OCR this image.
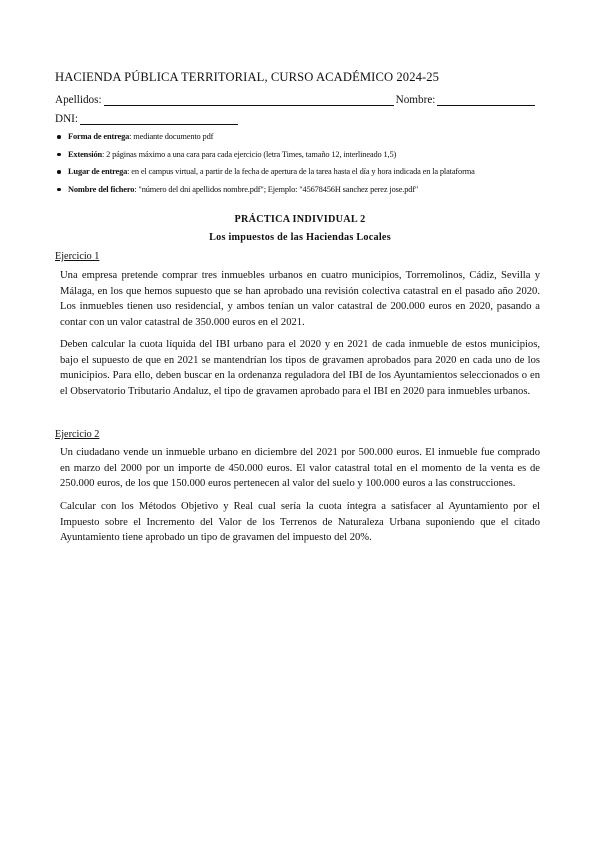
HACIENDA PÚBLICA TERRITORIAL, CURSO ACADÉMICO 2024-25
Apellidos:	Nombre:
DNI:
Forma de entrega: mediante documento pdf
Extensión: 2 páginas máximo a una cara para cada ejercicio (letra Times, tamaño 12, interlineado 1,5)
Lugar de entrega: en el campus virtual, a partir de la fecha de apertura de la tarea hasta el día y hora indicada en la plataforma
Nombre del fichero: "número del dni apellidos nombre.pdf"; Ejemplo: "45678456H sanchez perez jose.pdf"
PRÁCTICA INDIVIDUAL 2
Los impuestos de las Haciendas Locales
Ejercicio 1

Una empresa pretende comprar tres inmuebles urbanos en cuatro municipios, Torremolinos, Cádiz, Sevilla y Málaga, en los que hemos supuesto que se han aprobado una revisión colectiva catastral en el pasado año 2020. Los inmuebles tienen uso residencial, y ambos tenían un valor catastral de 200.000 euros en 2020, pasando a contar con un valor catastral de 350.000 euros en el 2021.

Deben calcular la cuota líquida del IBI urbano para el 2020 y en 2021 de cada inmueble de estos municipios, bajo el supuesto de que en 2021 se mantendrían los tipos de gravamen aprobados para 2020 en cada uno de los municipios. Para ello, deben buscar en la ordenanza reguladora del IBI de los Ayuntamientos seleccionados o en el Observatorio Tributario Andaluz, el tipo de gravamen aprobado para el IBI en 2020 para inmuebles urbanos.

Ejercicio 2

Un ciudadano vende un inmueble urbano en diciembre del 2021 por 500.000 euros. El inmueble fue comprado en marzo del 2000 por un importe de 450.000 euros. El valor catastral total en el momento de la venta es de 250.000 euros, de los que 150.000 euros pertenecen al valor del suelo y 100.000 euros a las construcciones.

Calcular con los Métodos Objetivo y Real cual sería la cuota íntegra a satisfacer al Ayuntamiento por el Impuesto sobre el Incremento del Valor de los Terrenos de Naturaleza Urbana suponiendo que el citado Ayuntamiento tiene aprobado un tipo de gravamen del impuesto del 20%.
